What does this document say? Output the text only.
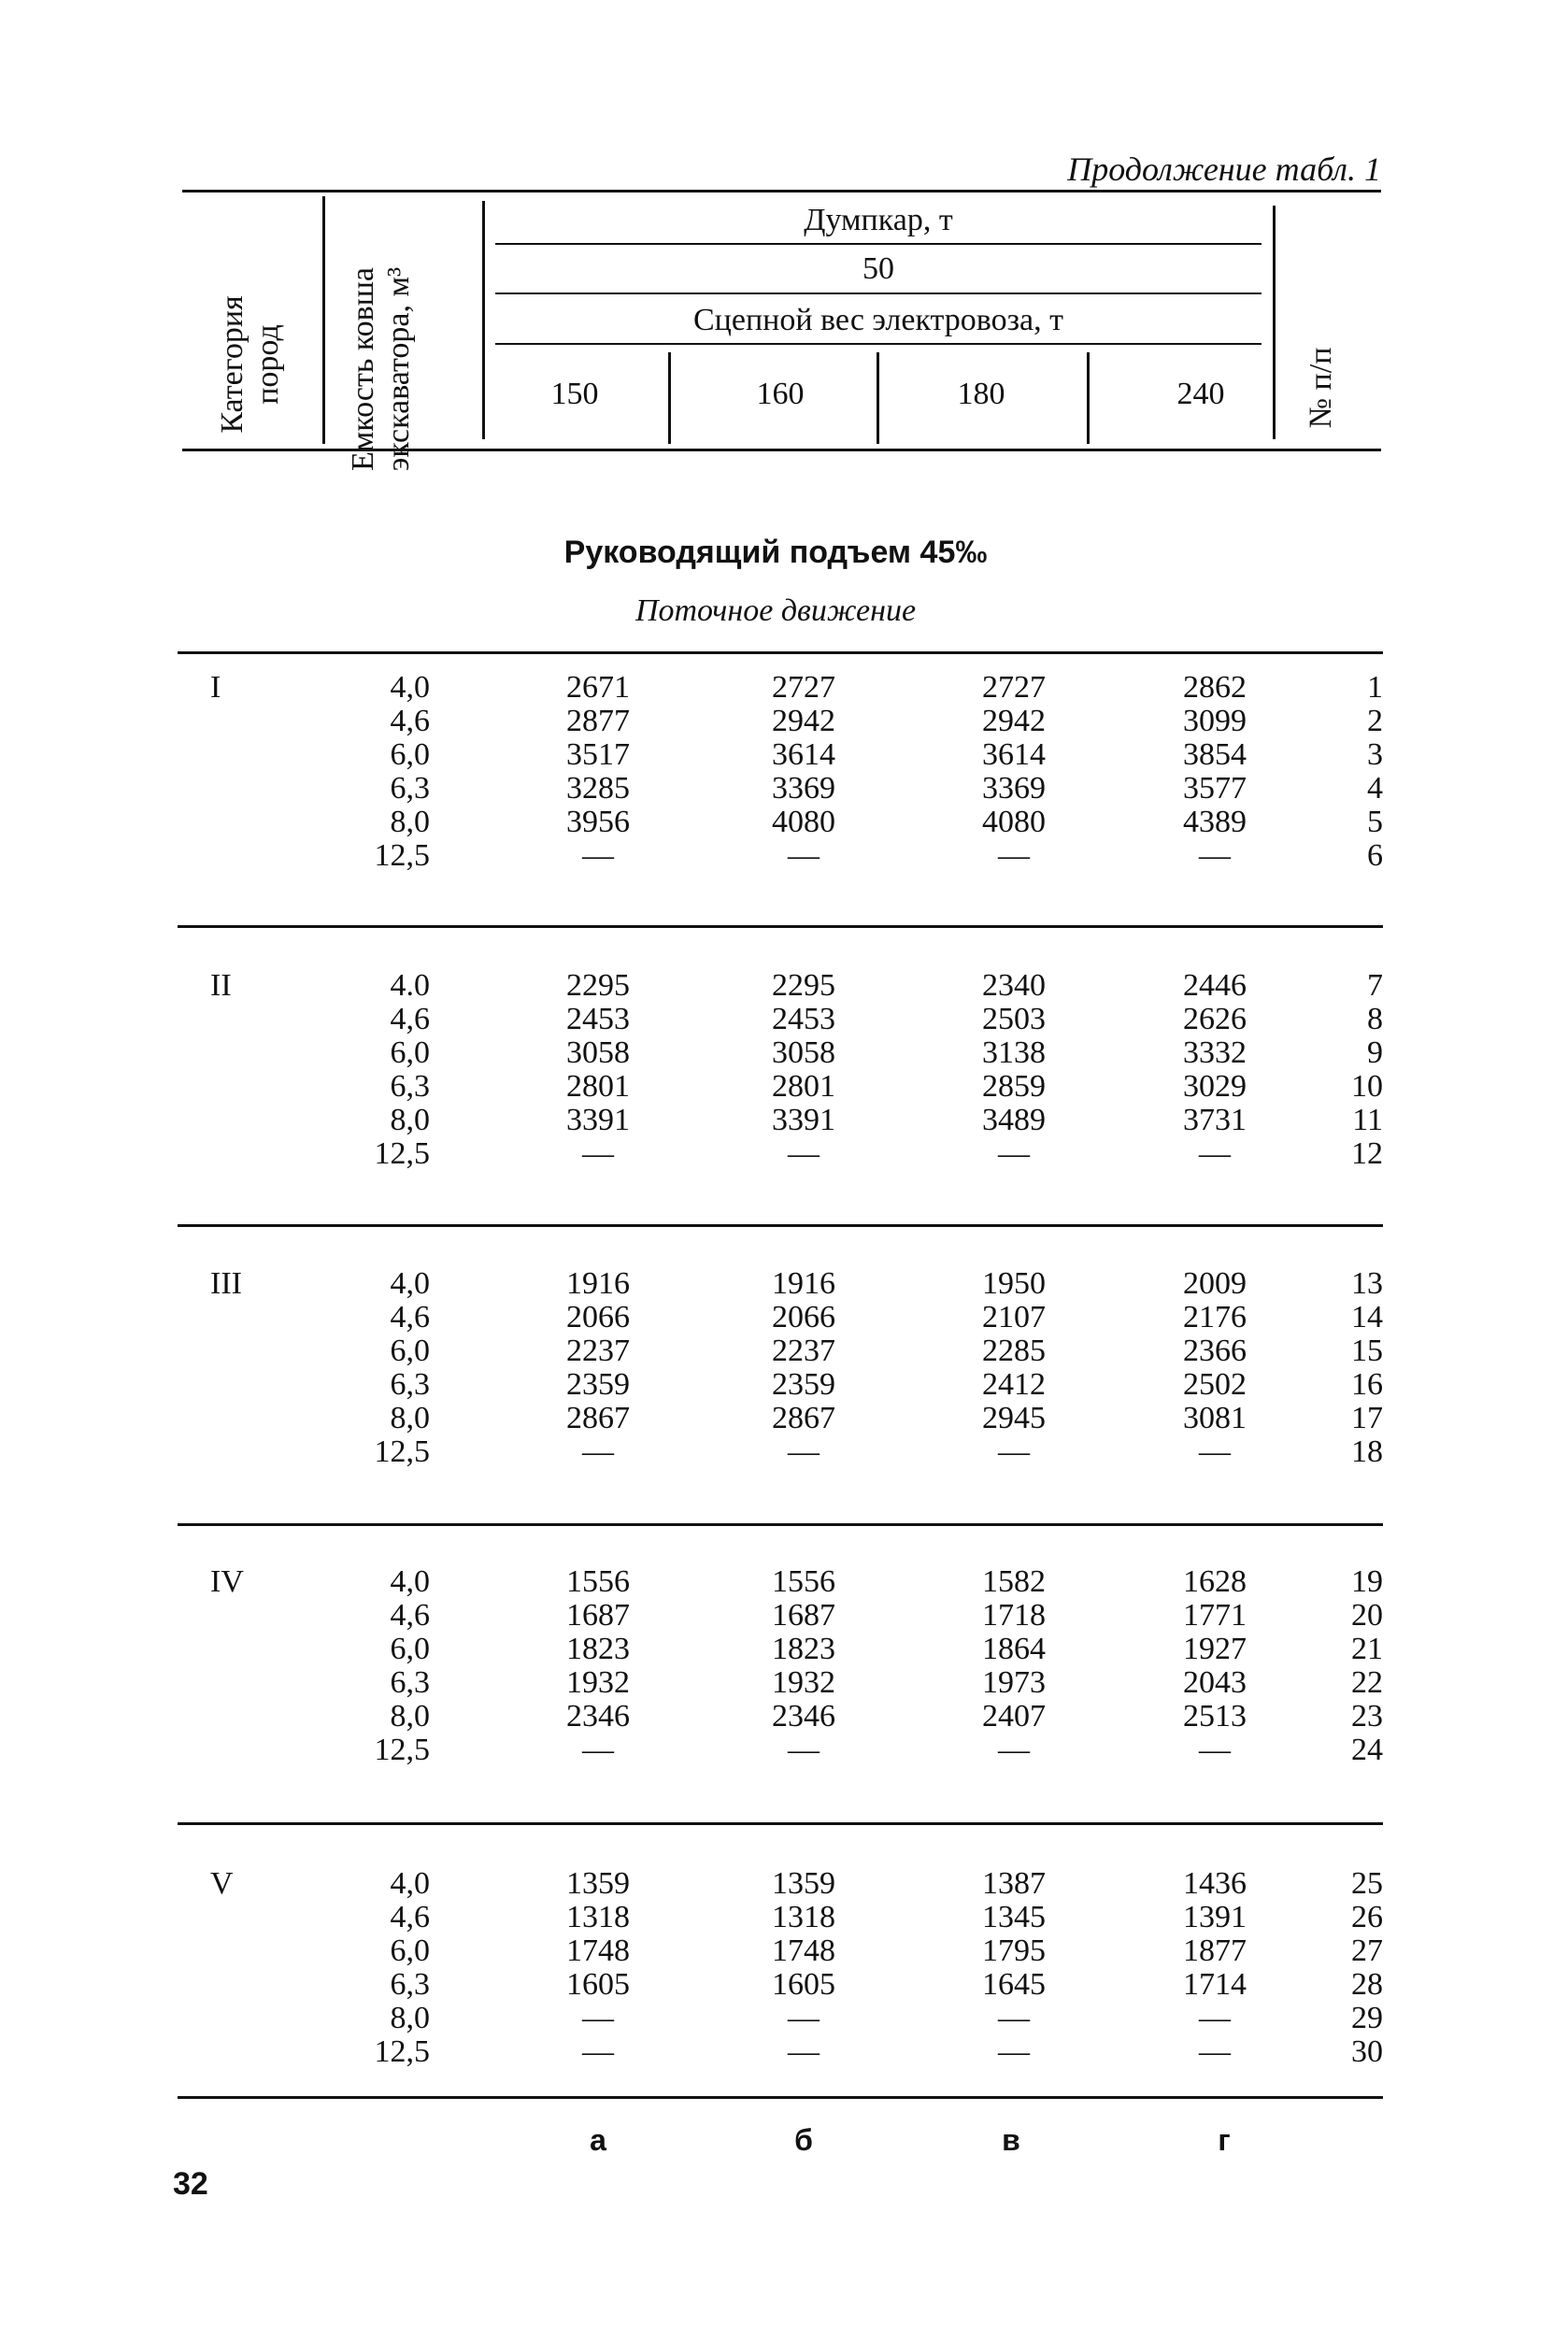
Продолжение табл. 1
Категория пород Емкость ковша экскаватора, м³	№ п/п
Думпкар, т
50
Сцепной вес электровоза, т
150	160	180	240
Руководящий подъем 45‰
Поточное движение
I	4,0	2671	2727	2727	2862	1
4,6	2877	2942	2942	3099	2
6,0	3517	3614	3614	3854	3
6,3	3285	3369	3369	3577	4
8,0	3956	4080	4080	4389	5
12,5	—	—	—	—	6
II	4.0	2295	2295	2340	2446	7
4,6	2453	2453	2503	2626	8
6,0	3058	3058	3138	3332	9
6,3	2801	2801	2859	3029	10
8,0	3391	3391	3489	3731	11
12,5	—	—	—	—	12
III	4,0	1916	1916	1950	2009	13
4,6	2066	2066	2107	2176	14
6,0	2237	2237	2285	2366	15
6,3	2359	2359	2412	2502	16
8,0	2867	2867	2945	3081	17
12,5	—	—	—	—	18
IV	4,0	1556	1556	1582	1628	19
4,6	1687	1687	1718	1771	20
6,0	1823	1823	1864	1927	21
6,3	1932	1932	1973	2043	22
8,0	2346	2346	2407	2513	23
12,5	—	—	—	—	24
V	4,0	1359	1359	1387	1436	25
4,6	1318	1318	1345	1391	26
6,0	1748	1748	1795	1877	27
6,3	1605	1605	1645	1714	28
8,0	—	—	—	—	29
12,5	—	—	—	—	30
а	б	в	г
32
